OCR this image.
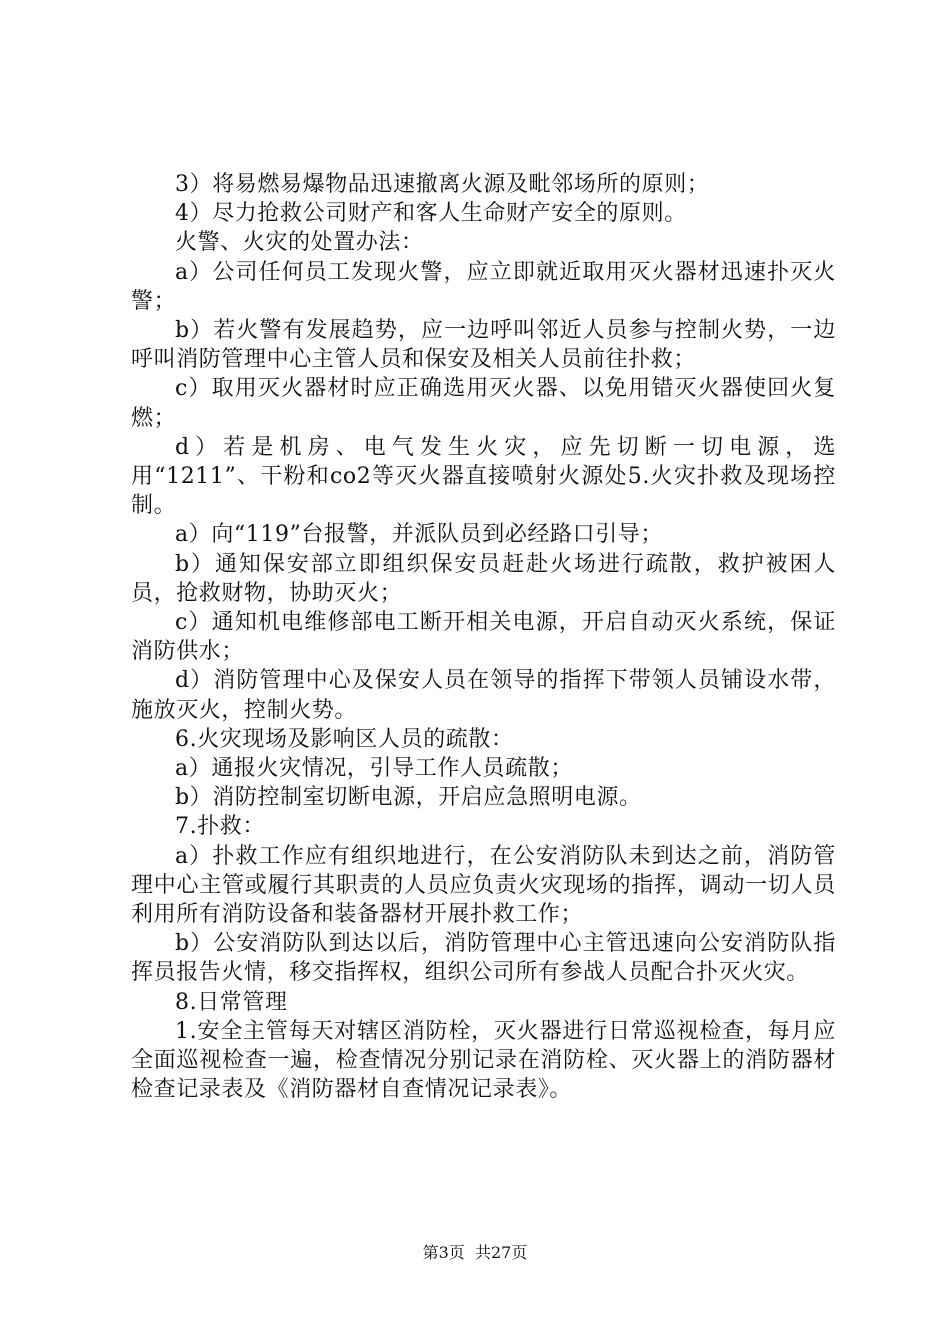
3）将易燃易爆物品迅速撤离火源及毗邻场所的原则；

4）尽力抢救公司财产和客人生命财产安全的原则。

火警、火灾的处置办法：

a）公司任何员工发现火警，应立即就近取用灭火器材迅速扑灭火警；

b）若火警有发展趋势，应一边呼叫邻近人员参与控制火势，一边呼叫消防管理中心主管人员和保安及相关人员前往扑救；

c）取用灭火器材时应正确选用灭火器、以免用错灭火器使回火复燃；

d）若是机房、电气发生火灾，应先切断一切电源，选用“1211”、干粉和co2等灭火器直接喷射火源处5.火灾扑救及现场控制。

a）向“119”台报警，并派队员到必经路口引导；

b）通知保安部立即组织保安员赶赴火场进行疏散，救护被困人员，抢救财物，协助灭火；

c）通知机电维修部电工断开相关电源，开启自动灭火系统，保证消防供水；

d）消防管理中心及保安人员在领导的指挥下带领人员铺设水带，施放灭火，控制火势。

6.火灾现场及影响区人员的疏散：

a）通报火灾情况，引导工作人员疏散；

b）消防控制室切断电源，开启应急照明电源。

7.扑救：

a）扑救工作应有组织地进行，在公安消防队未到达之前，消防管理中心主管或履行其职责的人员应负责火灾现场的指挥，调动一切人员利用所有消防设备和装备器材开展扑救工作；

b）公安消防队到达以后，消防管理中心主管迅速向公安消防队指挥员报告火情，移交指挥权，组织公司所有参战人员配合扑灭火灾。

8.日常管理

1.安全主管每天对辖区消防栓，灭火器进行日常巡视检查，每月应全面巡视检查一遍，检查情况分别记录在消防栓、灭火器上的消防器材检查记录表及《消防器材自查情况记录表》。

第3页 共27页
